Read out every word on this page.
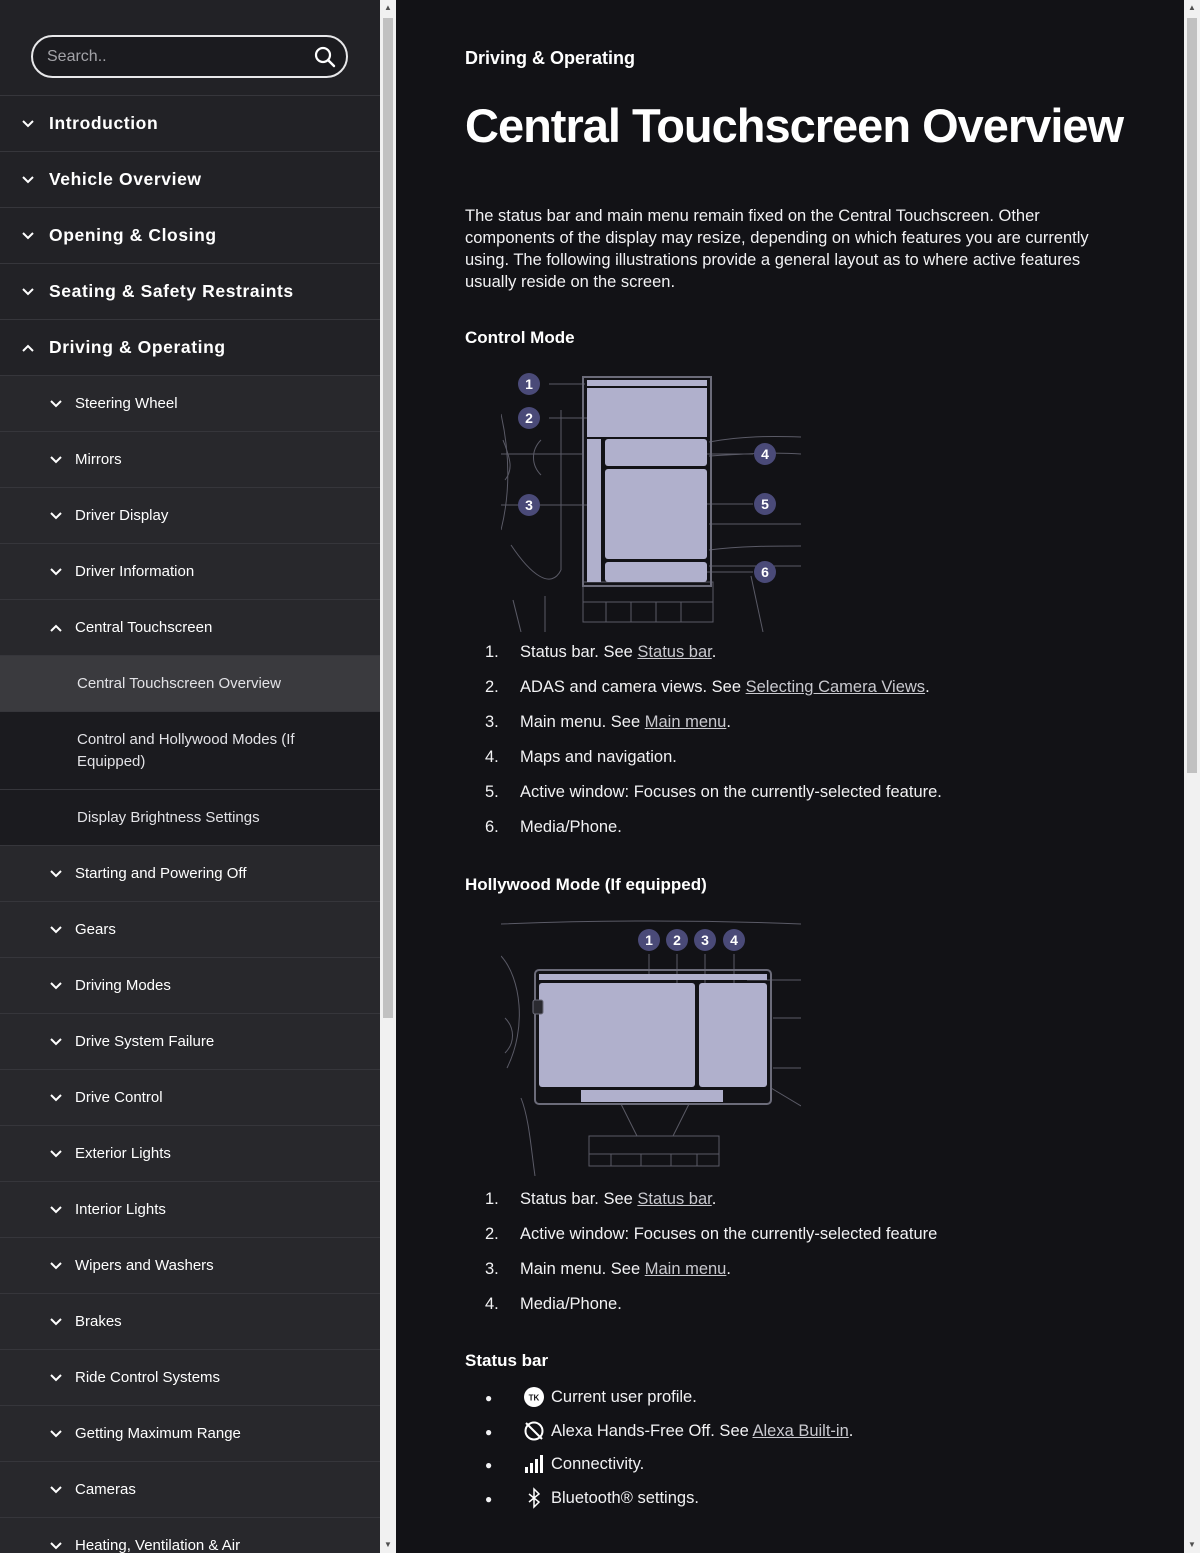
Search..
Introduction
Vehicle Overview
Opening & Closing
Seating & Safety Restraints
Driving & Operating
Steering Wheel
Mirrors
Driver Display
Driver Information
Central Touchscreen
Central Touchscreen Overview
Control and Hollywood Modes (If Equipped)
Display Brightness Settings
Starting and Powering Off
Gears
Driving Modes
Drive System Failure
Drive Control
Exterior Lights
Interior Lights
Wipers and Washers
Brakes
Ride Control Systems
Getting Maximum Range
Cameras
Heating, Ventilation & Air
▲
▼
Driving & Operating
Central Touchscreen Overview

The status bar and main menu remain fixed on the Central Touchscreen. Other components of the display may resize, depending on which features you are currently using. The following illustrations provide a general layout as to where active features usually reside on the screen.

Control Mode
1
2
3
4
5
6
1.	Status bar. See Status bar.
2.	ADAS and camera views. See Selecting Camera Views.
3.	Main menu. See Main menu.
4.	Maps and navigation.
5.	Active window: Focuses on the currently-selected feature.
6.	Media/Phone.
Hollywood Mode (If equipped)
1 2 3 4
1.	Status bar. See Status bar.
2.	Active window: Focuses on the currently-selected feature
3.	Main menu. See Main menu.
4.	Media/Phone.
Status bar
●	TK Current user profile.
●	Alexa Hands-Free Off. See Alexa Built-in.
●	Connectivity.
●	Bluetooth® settings.
▲
▼
